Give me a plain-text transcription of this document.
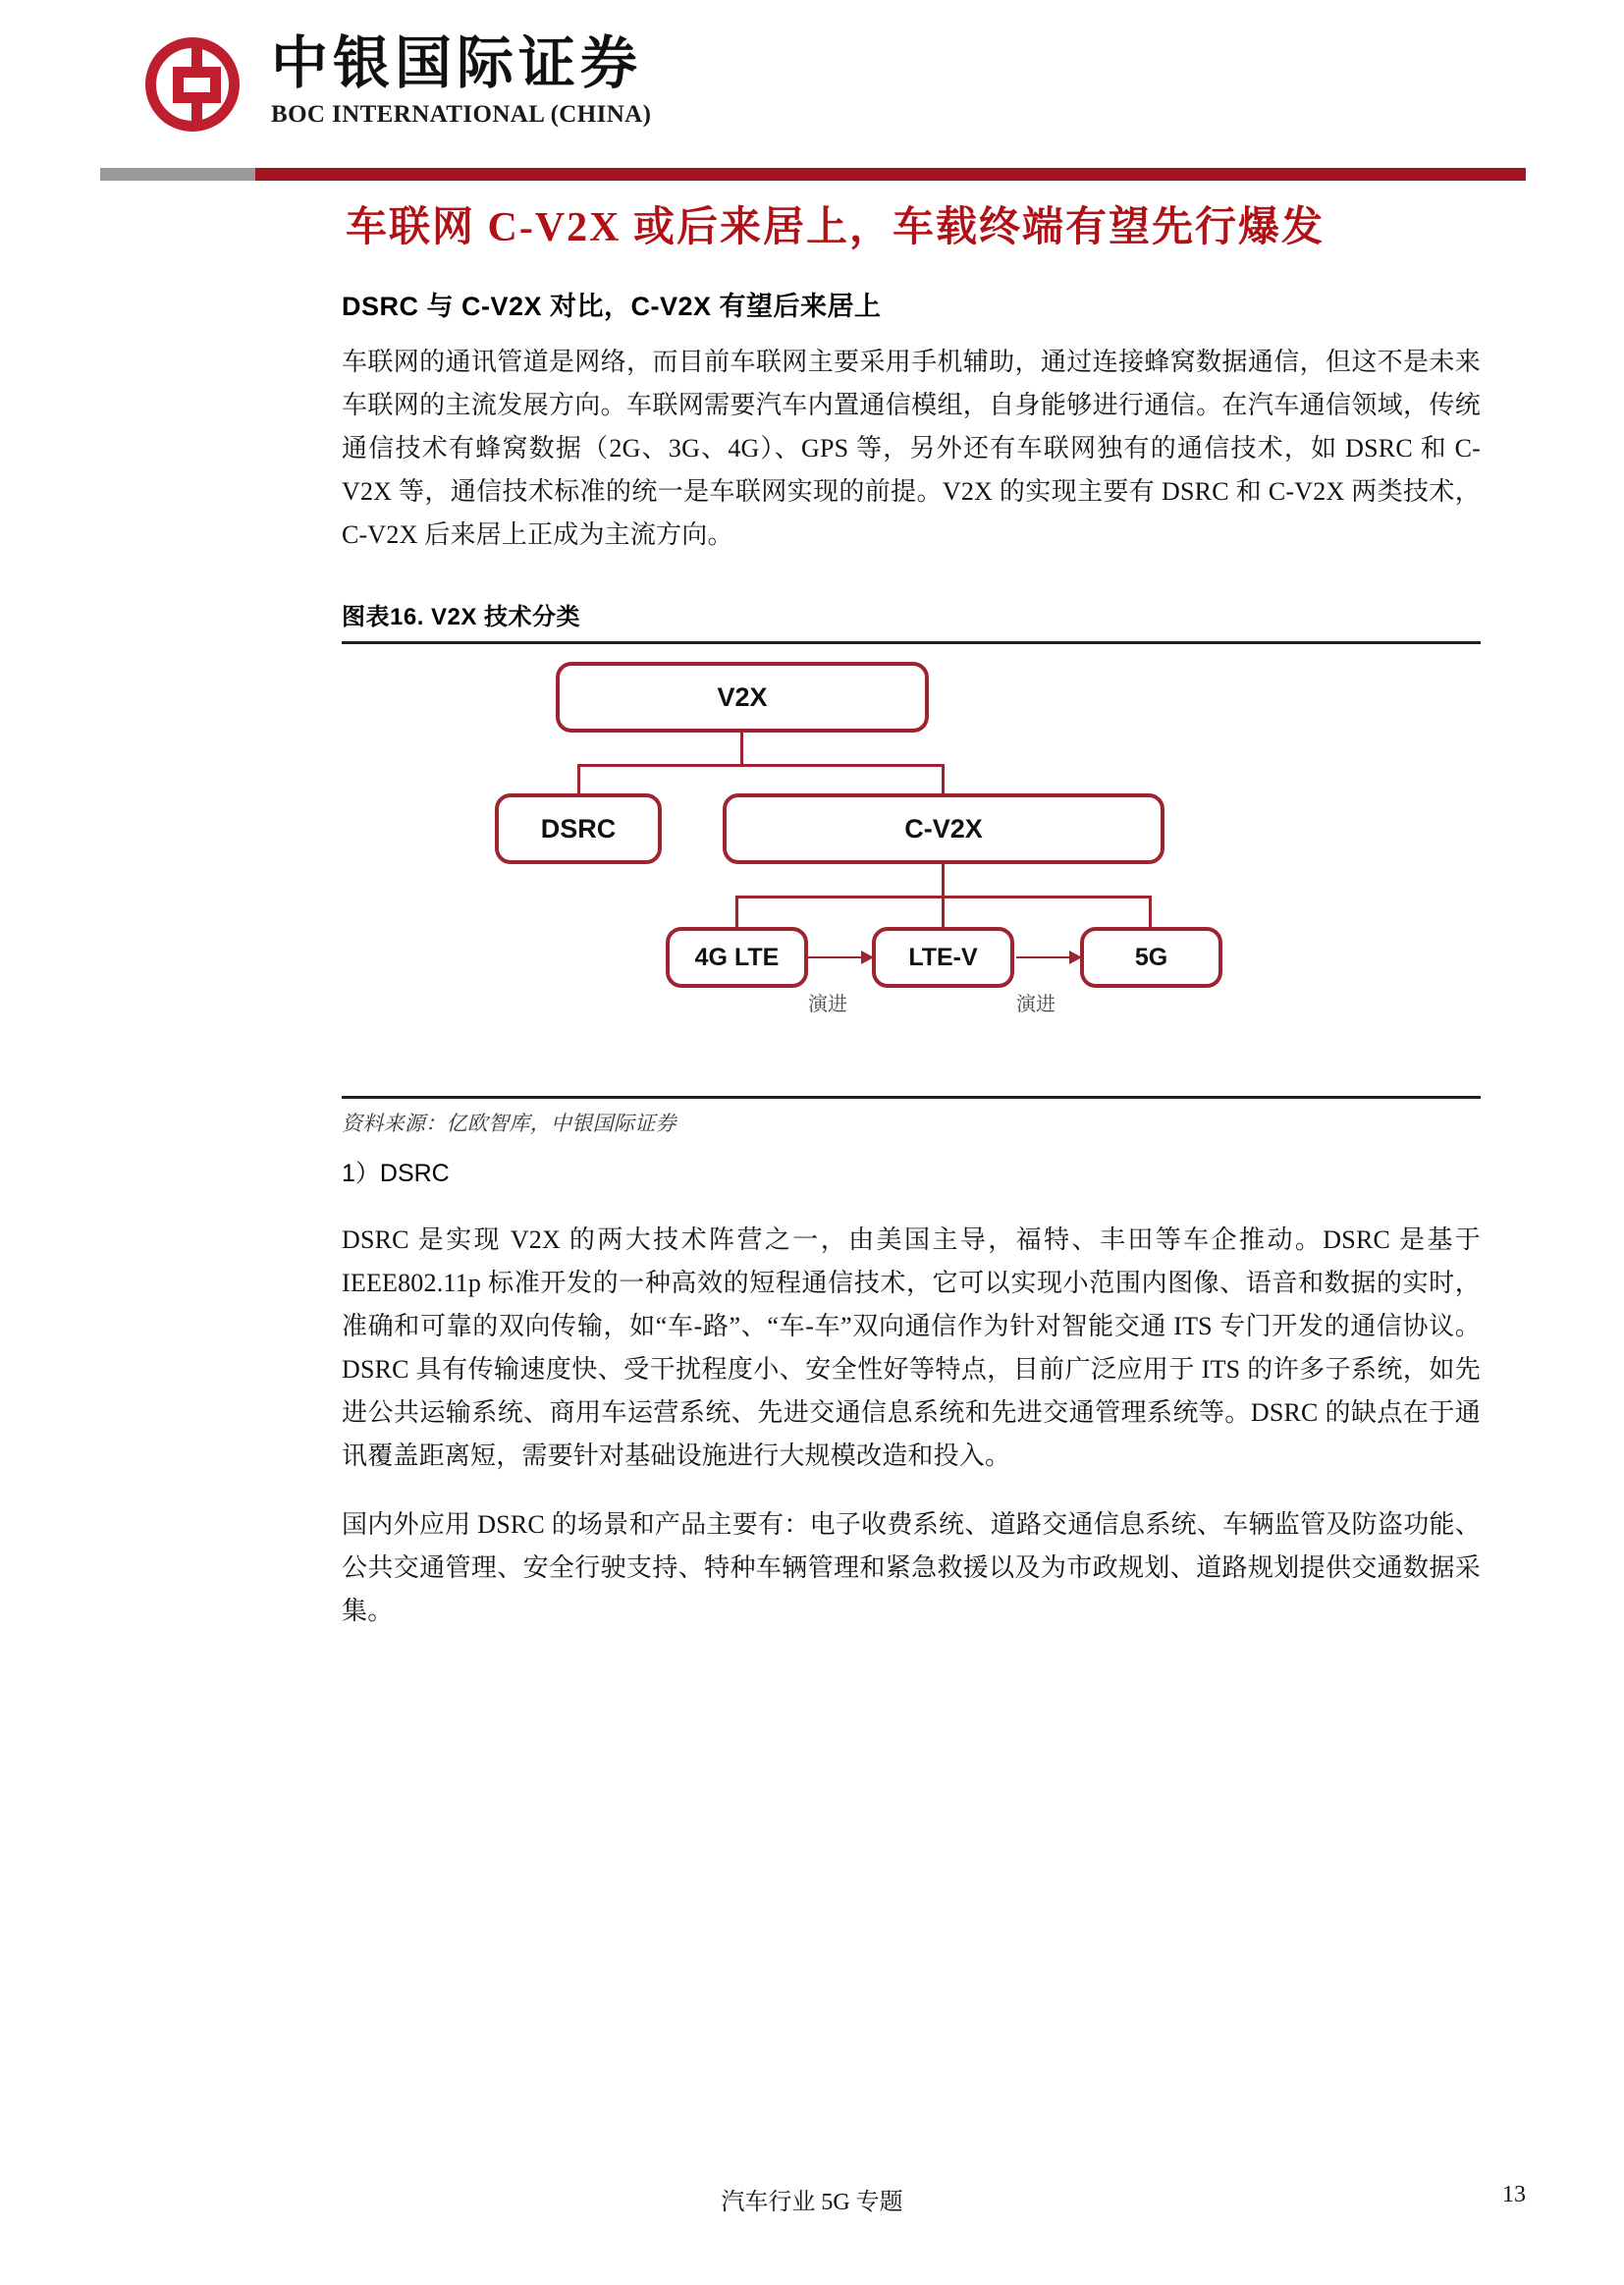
中银国际证券
BOC INTERNATIONAL (CHINA)
车联网 C-V2X 或后来居上，车载终端有望先行爆发
DSRC 与 C-V2X 对比，C-V2X 有望后来居上

车联网的通讯管道是网络，而目前车联网主要采用手机辅助，通过连接蜂窝数据通信，但这不是未来车联网的主流发展方向。车联网需要汽车内置通信模组，自身能够进行通信。在汽车通信领域，传统通信技术有蜂窝数据（2G、3G、4G）、GPS 等，另外还有车联网独有的通信技术，如 DSRC 和 C-V2X 等，通信技术标准的统一是车联网实现的前提。V2X 的实现主要有 DSRC 和 C-V2X 两类技术，C-V2X 后来居上正成为主流方向。

图表16. V2X 技术分类
V2X
DSRC	C-V2X
4G LTE	LTE-V	5G
演进	演进
资料来源：亿欧智库，中银国际证券

1）DSRC

DSRC 是实现 V2X 的两大技术阵营之一，由美国主导，福特、丰田等车企推动。DSRC 是基于 IEEE802.11p 标准开发的一种高效的短程通信技术，它可以实现小范围内图像、语音和数据的实时，准确和可靠的双向传输，如“车-路”、“车-车”双向通信作为针对智能交通 ITS 专门开发的通信协议。DSRC 具有传输速度快、受干扰程度小、安全性好等特点，目前广泛应用于 ITS 的许多子系统，如先进公共运输系统、商用车运营系统、先进交通信息系统和先进交通管理系统等。DSRC 的缺点在于通讯覆盖距离短，需要针对基础设施进行大规模改造和投入。

国内外应用 DSRC 的场景和产品主要有：电子收费系统、道路交通信息系统、车辆监管及防盗功能、公共交通管理、安全行驶支持、特种车辆管理和紧急救援以及为市政规划、道路规划提供交通数据采集。

汽车行业 5G 专题	13
